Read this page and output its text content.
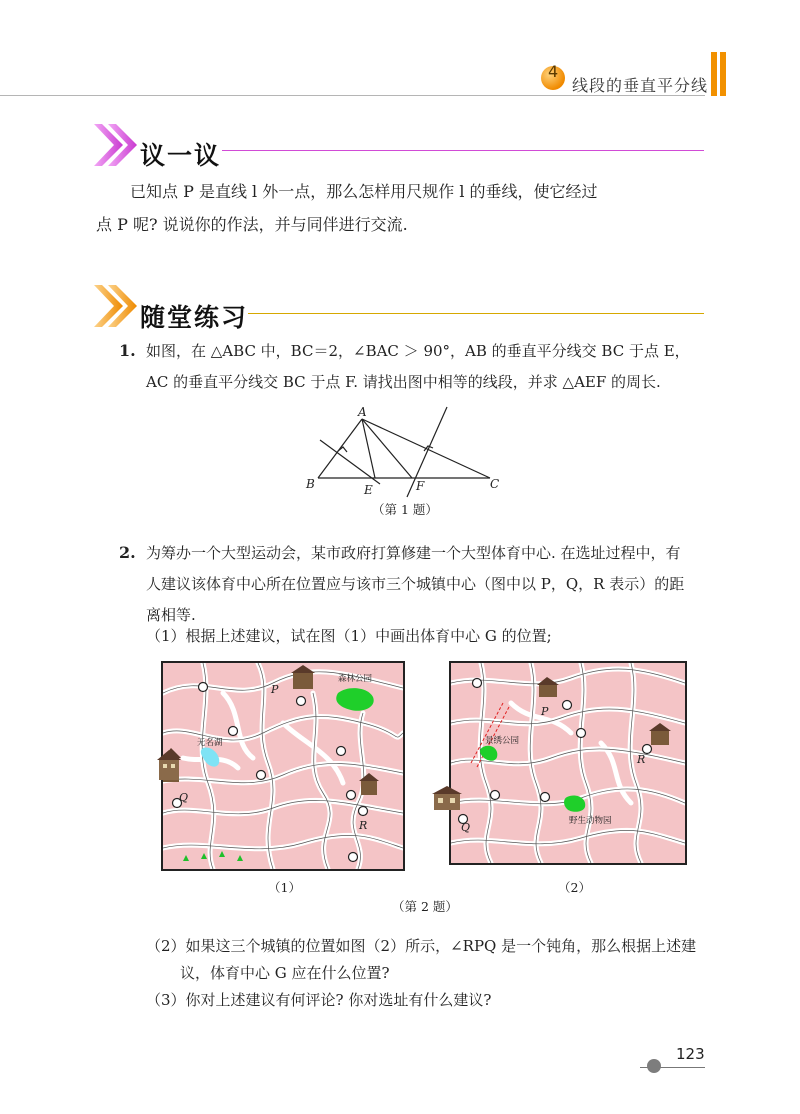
4
线段的垂直平分线
议一议
已知点 P 是直线 l 外一点，那么怎样用尺规作 l 的垂线，使它经过
点 P 呢? 说说你的作法，并与同伴进行交流.
随堂练习
1. 如图，在 △ABC 中，BC＝2，∠BAC ＞ 90°，AB 的垂直平分线交 BC 于点 E，
AC 的垂直平分线交 BC 于点 F. 请找出图中相等的线段，并求 △AEF 的周长.
A
B	C
E	F
（第 1 题）
2. 为筹办一个大型运动会，某市政府打算修建一个大型体育中心. 在选址过程中，有
人建议该体育中心所在位置应与该市三个城镇中心（图中以 P，Q，R 表示）的距
离相等.
（1）根据上述建议，试在图（1）中画出体育中心 G 的位置;
P
Q
R
森林公园
无名湖
P
Q
R
景绣公园
野生动物园
（1）	（2）
（第 2 题）
（2）如果这三个城镇的位置如图（2）所示，∠RPQ 是一个钝角，那么根据上述建
议，体育中心 G 应在什么位置?
（3）你对上述建议有何评论? 你对选址有什么建议?
123
